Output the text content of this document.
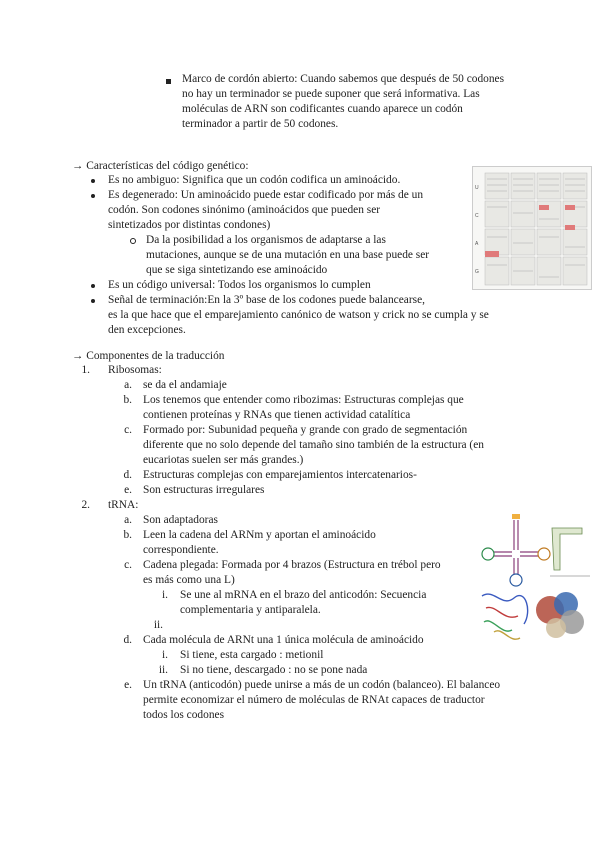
Marco de cordón abierto: Cuando sabemos que después de 50 codones
no hay un terminador se puede suponer que será informativa. Las
moléculas de ARN son codificantes cuando aparece un codón
terminador a partir de 50 codones.
→ Características del código genético:
Es no ambiguo: Significa que un codón codifica un aminoácido.
Es degenerado: Un aminoácido puede estar codificado por más de un
codón. Son codones sinónimo (aminoácidos que pueden ser
sintetizados por distintas condones)
Da la posibilidad a los organismos de adaptarse a las
mutaciones, aunque se de una mutación en una base puede ser
que se siga sintetizando ese aminoácido
Es un código universal: Todos los organismos lo cumplen
Señal de terminación:En la 3º base de los codones puede balancearse,
es la que hace que el emparejamiento canónico de watson y crick no se cumpla y se
den excepciones.
U
C
A
G
→ Componentes de la traducción
1. Ribosomas:
a. se da el andamiaje
b. Los tenemos que entender como ribozimas: Estructuras complejas que
contienen proteínas y RNAs que tienen actividad catalítica
c. Formado por: Subunidad pequeña y grande con grado de segmentación
diferente que no solo depende del tamaño sino también de la estructura (en
eucariotas suelen ser más grandes.)
d. Estructuras complejas con emparejamientos intercatenarios-
e. Son estructuras irregulares
2. tRNA:
a. Son adaptadoras
b. Leen la cadena del ARNm y aportan el aminoácido
correspondiente.
c. Cadena plegada: Formada por 4 brazos (Estructura en trébol pero
es más como una L)
i. Se une al mRNA en el brazo del anticodón: Secuencia
complementaria y antiparalela.
ii.
d. Cada molécula de ARNt una 1 única molécula de aminoácido
i. Si tiene, esta cargado : metionil
ii. Si no tiene, descargado : no se pone nada
e. Un tRNA (anticodón) puede unirse a más de un codón (balanceo). El balanceo
permite economizar el número de moléculas de RNAt capaces de traductor
todos los codones
